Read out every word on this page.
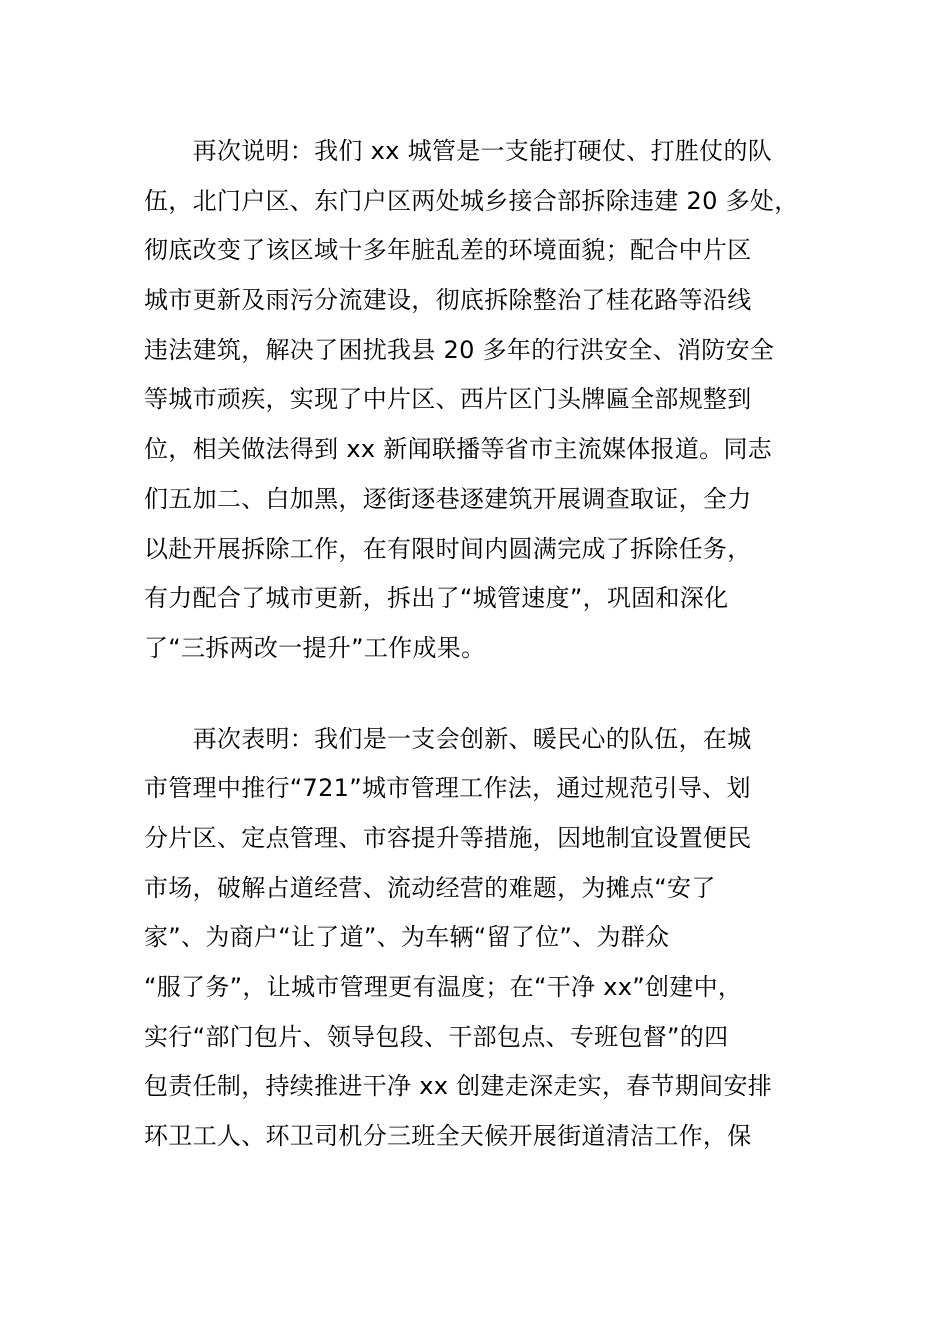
　　再次说明：我们 xx 城管是一支能打硬仗、打胜仗的队
伍，北门户区、东门户区两处城乡接合部拆除违建 20 多处，
彻底改变了该区域十多年脏乱差的环境面貌；配合中片区
城市更新及雨污分流建设，彻底拆除整治了桂花路等沿线
违法建筑，解决了困扰我县 20 多年的行洪安全、消防安全
等城市顽疾，实现了中片区、西片区门头牌匾全部规整到
位，相关做法得到 xx 新闻联播等省市主流媒体报道。同志
们五加二、白加黑，逐街逐巷逐建筑开展调查取证，全力
以赴开展拆除工作，在有限时间内圆满完成了拆除任务，
有力配合了城市更新，拆出了“城管速度”，巩固和深化
了“三拆两改一提升”工作成果。

　　再次表明：我们是一支会创新、暖民心的队伍，在城
市管理中推行“721”城市管理工作法，通过规范引导、划
分片区、定点管理、市容提升等措施，因地制宜设置便民
市场，破解占道经营、流动经营的难题，为摊点“安了
家”、为商户“让了道”、为车辆“留了位”、为群众
“服了务”，让城市管理更有温度；在“干净 xx”创建中，
实行“部门包片、领导包段、干部包点、专班包督”的四
包责任制，持续推进干净 xx 创建走深走实，春节期间安排
环卫工人、环卫司机分三班全天候开展街道清洁工作，保
